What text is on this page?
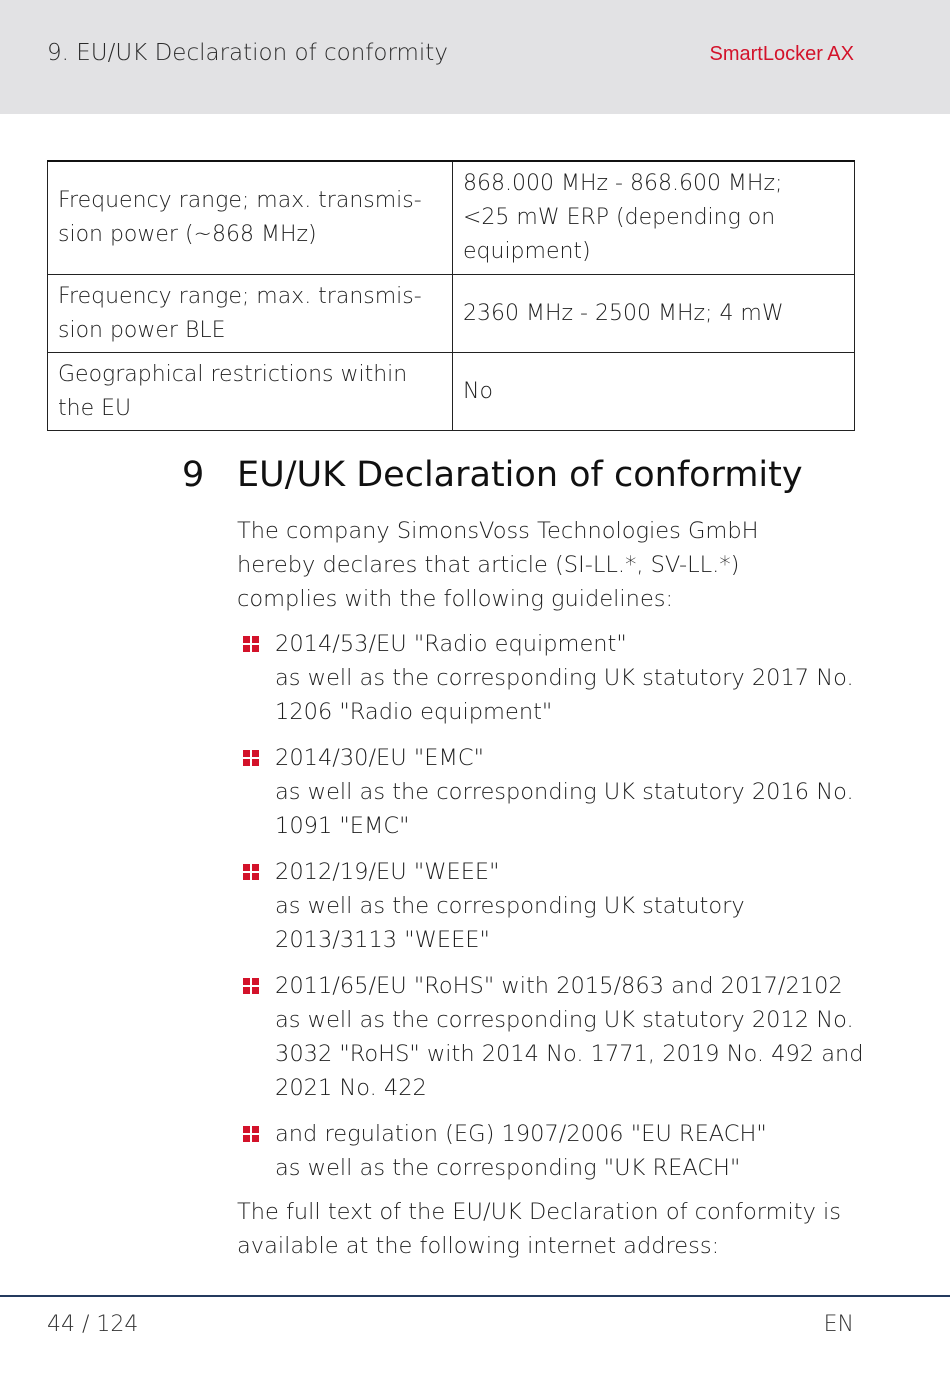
9. EU/UK Declaration of conformity	SmartLocker AX
Frequency range; max. transmis-
sion power (~868 MHz)	868.000 MHz - 868.600 MHz;
<25 mW ERP (depending on
equipment)

Frequency range; max. transmis-
sion power BLE	2360 MHz - 2500 MHz; 4 mW

Geographical restrictions within
the EU	No
9 EU/UK Declaration of conformity
The company SimonsVoss Technologies GmbH
hereby declares that article (SI-LL.*, SV-LL.*)
complies with the following guidelines:
2014/53/EU "Radio equipment"
as well as the corresponding UK statutory 2017 No.
1206 "Radio equipment"
2014/30/EU "EMC"
as well as the corresponding UK statutory 2016 No.
1091 "EMC"
2012/19/EU "WEEE"
as well as the corresponding UK statutory
2013/3113 "WEEE"
2011/65/EU "RoHS" with 2015/863 and 2017/2102
as well as the corresponding UK statutory 2012 No.
3032 "RoHS" with 2014 No. 1771, 2019 No. 492 and
2021 No. 422
and regulation (EG) 1907/2006 "EU REACH"
as well as the corresponding "UK REACH"
The full text of the EU/UK Declaration of conformity is
available at the following internet address:
44 / 124	EN
